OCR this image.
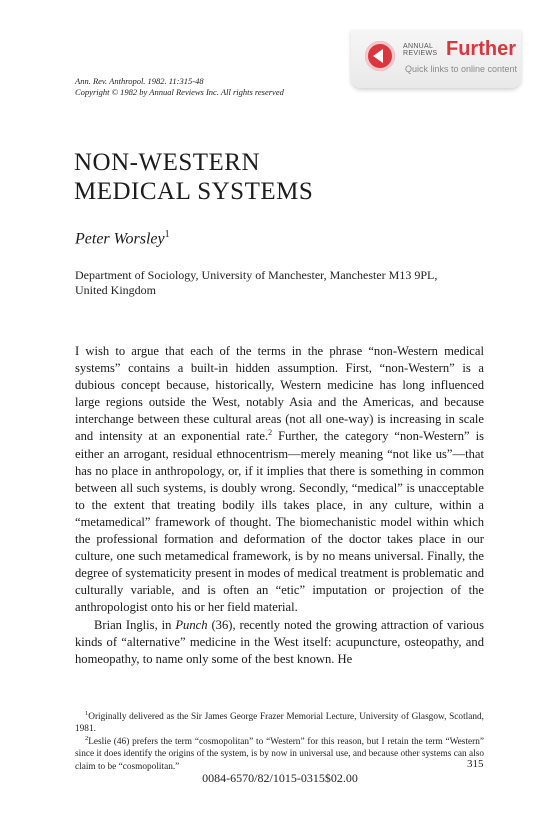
ANNUAL
REVIEWS Further
Quick links to online content
Ann. Rev. Anthropol. 1982. 11:315-48
Copyright © 1982 by Annual Reviews Inc. All rights reserved
NON-WESTERN
MEDICAL SYSTEMS
Peter Worsley$^1$
Department of Sociology, University of Manchester, Manchester M13 9PL,
United Kingdom

I wish to argue that each of the terms in the phrase “non-Western medical systems” contains a built-in hidden assumption. First, “non-Western” is a dubious concept because, historically, Western medicine has long influenced large regions outside the West, notably Asia and the Americas, and because interchange between these cultural areas (not all one-way) is increasing in scale and intensity at an exponential rate.$^2$ Further, the category “non-Western” is either an arrogant, residual ethnocentrism—merely meaning “not like us”—that has no place in anthropology, or, if it implies that there is something in common between all such systems, is doubly wrong. Secondly, “medical” is unacceptable to the extent that treating bodily ills takes place, in any culture, within a “metamedical” framework of thought. The biomechanistic model within which the professional formation and deformation of the doctor takes place in our culture, one such metamedical framework, is by no means universal. Finally, the degree of systematicity present in modes of medical treatment is problematic and culturally variable, and is often an “etic” imputation or projection of the anthropologist onto his or her field material.

Brian Inglis, in Punch (36), recently noted the growing attraction of various kinds of “alternative” medicine in the West itself: acupuncture, osteopathy, and homeopathy, to name only some of the best known. He

$^1$Originally delivered as the Sir James George Frazer Memorial Lecture, University of Glasgow, Scotland, 1981.

$^2$Leslie (46) prefers the term “cosmopolitan” to “Western” for this reason, but I retain the term “Western” since it does identify the origins of the system, is by now in universal use, and because other systems can also claim to be “cosmopolitan.”	315
0084-6570/82/1015-0315$02.00
